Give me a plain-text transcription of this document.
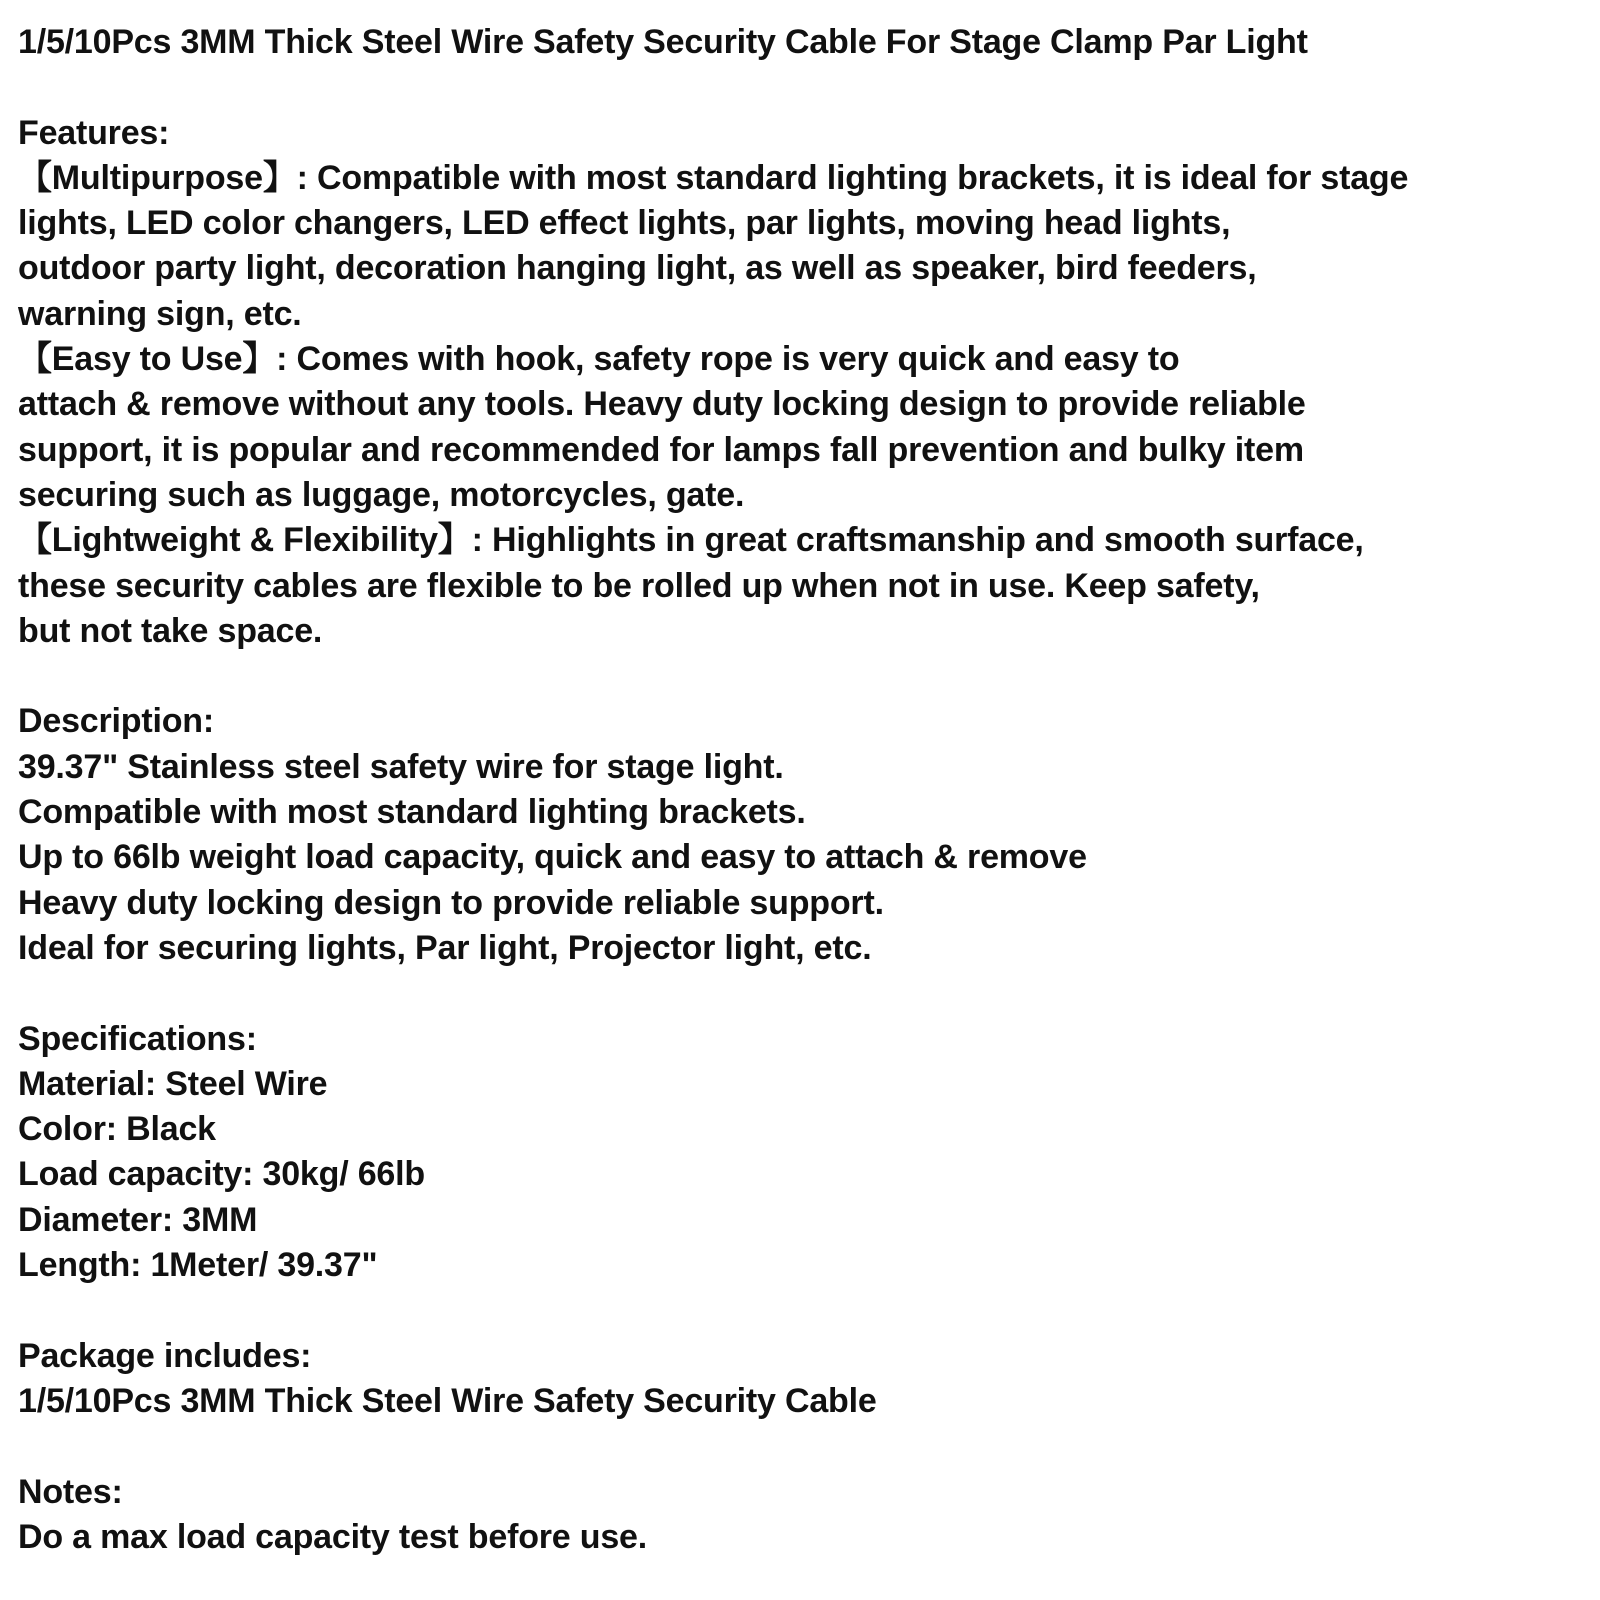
1/5/10Pcs 3MM Thick Steel Wire Safety Security Cable For Stage Clamp Par Light
Features:
【Multipurpose】: Compatible with most standard lighting brackets, it is ideal for stage
lights, LED color changers, LED effect lights, par lights, moving head lights,
outdoor party light, decoration hanging light, as well as speaker, bird feeders,
warning sign, etc.
【Easy to Use】: Comes with hook, safety rope is very quick and easy to
attach & remove without any tools. Heavy duty locking design to provide reliable
support, it is popular and recommended for lamps fall prevention and bulky item
securing such as luggage, motorcycles, gate.
【Lightweight & Flexibility】: Highlights in great craftsmanship and smooth surface,
these security cables are flexible to be rolled up when not in use. Keep safety,
but not take space.
Description:
39.37" Stainless steel safety wire for stage light.
Compatible with most standard lighting brackets.
Up to 66lb weight load capacity, quick and easy to attach & remove
Heavy duty locking design to provide reliable support.
Ideal for securing lights, Par light, Projector light, etc.
Specifications:
Material: Steel Wire
Color: Black
Load capacity: 30kg/ 66lb
Diameter: 3MM
Length: 1Meter/ 39.37"
Package includes:
1/5/10Pcs 3MM Thick Steel Wire Safety Security Cable
Notes:
Do a max load capacity test before use.
